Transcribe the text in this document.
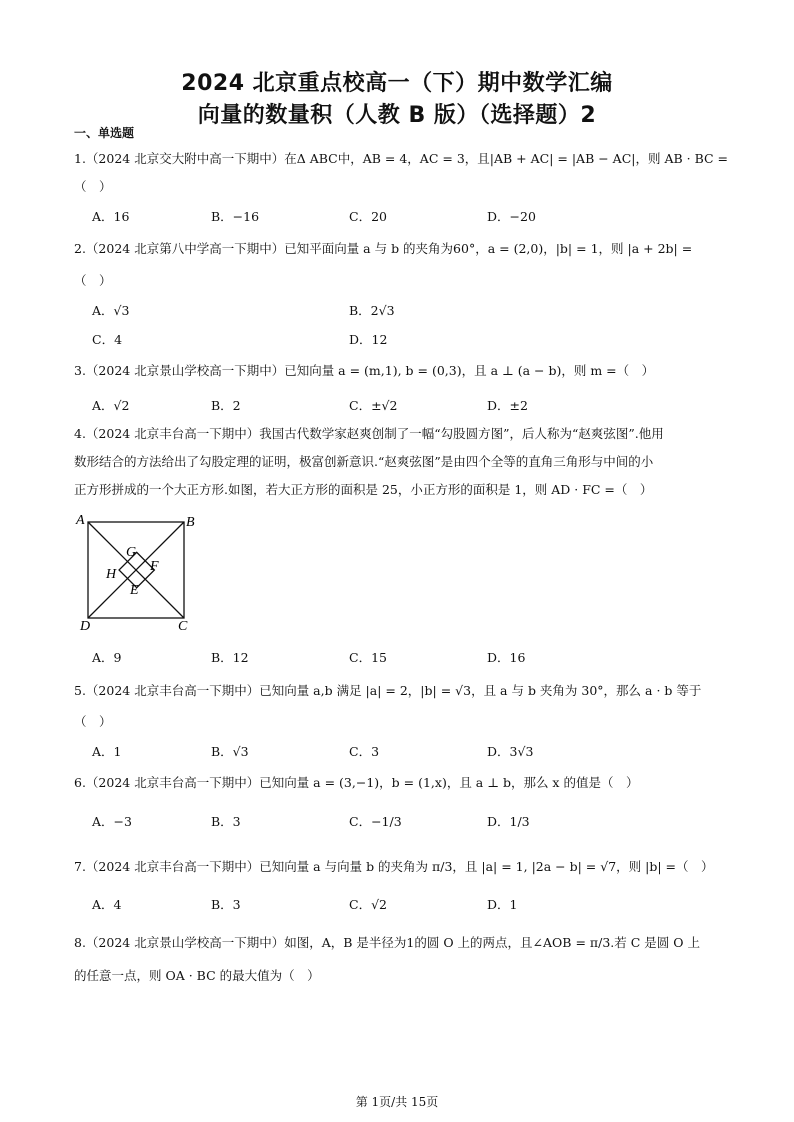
2024 北京重点校高一（下）期中数学汇编
向量的数量积（人教 B 版）（选择题）2
一、单选题
1.（2024 北京交大附中高一下期中）在Δ ABC中，AB = 4，AC = 3，且|AB + AC| = |AB − AC|，则 AB · BC =
（　）
A．16	B．−16	C．20	D．−20
2.（2024 北京第八中学高一下期中）已知平面向量 a 与 b 的夹角为60°，a = (2,0)，|b| = 1，则 |a + 2b| =
（　）
A．√3	B．2√3
C．4	D．12
3.（2024 北京景山学校高一下期中）已知向量 a = (m,1), b = (0,3)，且 a ⊥ (a − b)，则 m =（　）
A．√2	B．2	C．±√2	D．±2
4.（2024 北京丰台高一下期中）我国古代数学家赵爽创制了一幅“勾股圆方图”，后人称为“赵爽弦图”.他用
数形结合的方法给出了勾股定理的证明，极富创新意识.“赵爽弦图”是由四个全等的直角三角形与中间的小
正方形拼成的一个大正方形.如图，若大正方形的面积是 25，小正方形的面积是 1，则 AD · FC =（　）
A	B
C
D
G
H
F
E
A．9	B．12	C．15	D．16
5.（2024 北京丰台高一下期中）已知向量 a,b 满足 |a| = 2，|b| = √3，且 a 与 b 夹角为 30°，那么 a · b 等于
（　）
A．1	B．√3	C．3	D．3√3
6.（2024 北京丰台高一下期中）已知向量 a = (3,−1)，b = (1,x)，且 a ⊥ b，那么 x 的值是（　）
A．−3	B．3	C．−1/3	D．1/3
7.（2024 北京丰台高一下期中）已知向量 a 与向量 b 的夹角为 π/3，且 |a| = 1, |2a − b| = √7，则 |b| =（　）
A．4	B．3	C．√2	D．1
8.（2024 北京景山学校高一下期中）如图，A，B 是半径为1的圆 O 上的两点，且∠AOB = π/3.若 C 是圆 O 上
的任意一点，则 OA · BC 的最大值为（　）
第 1页/共 15页
